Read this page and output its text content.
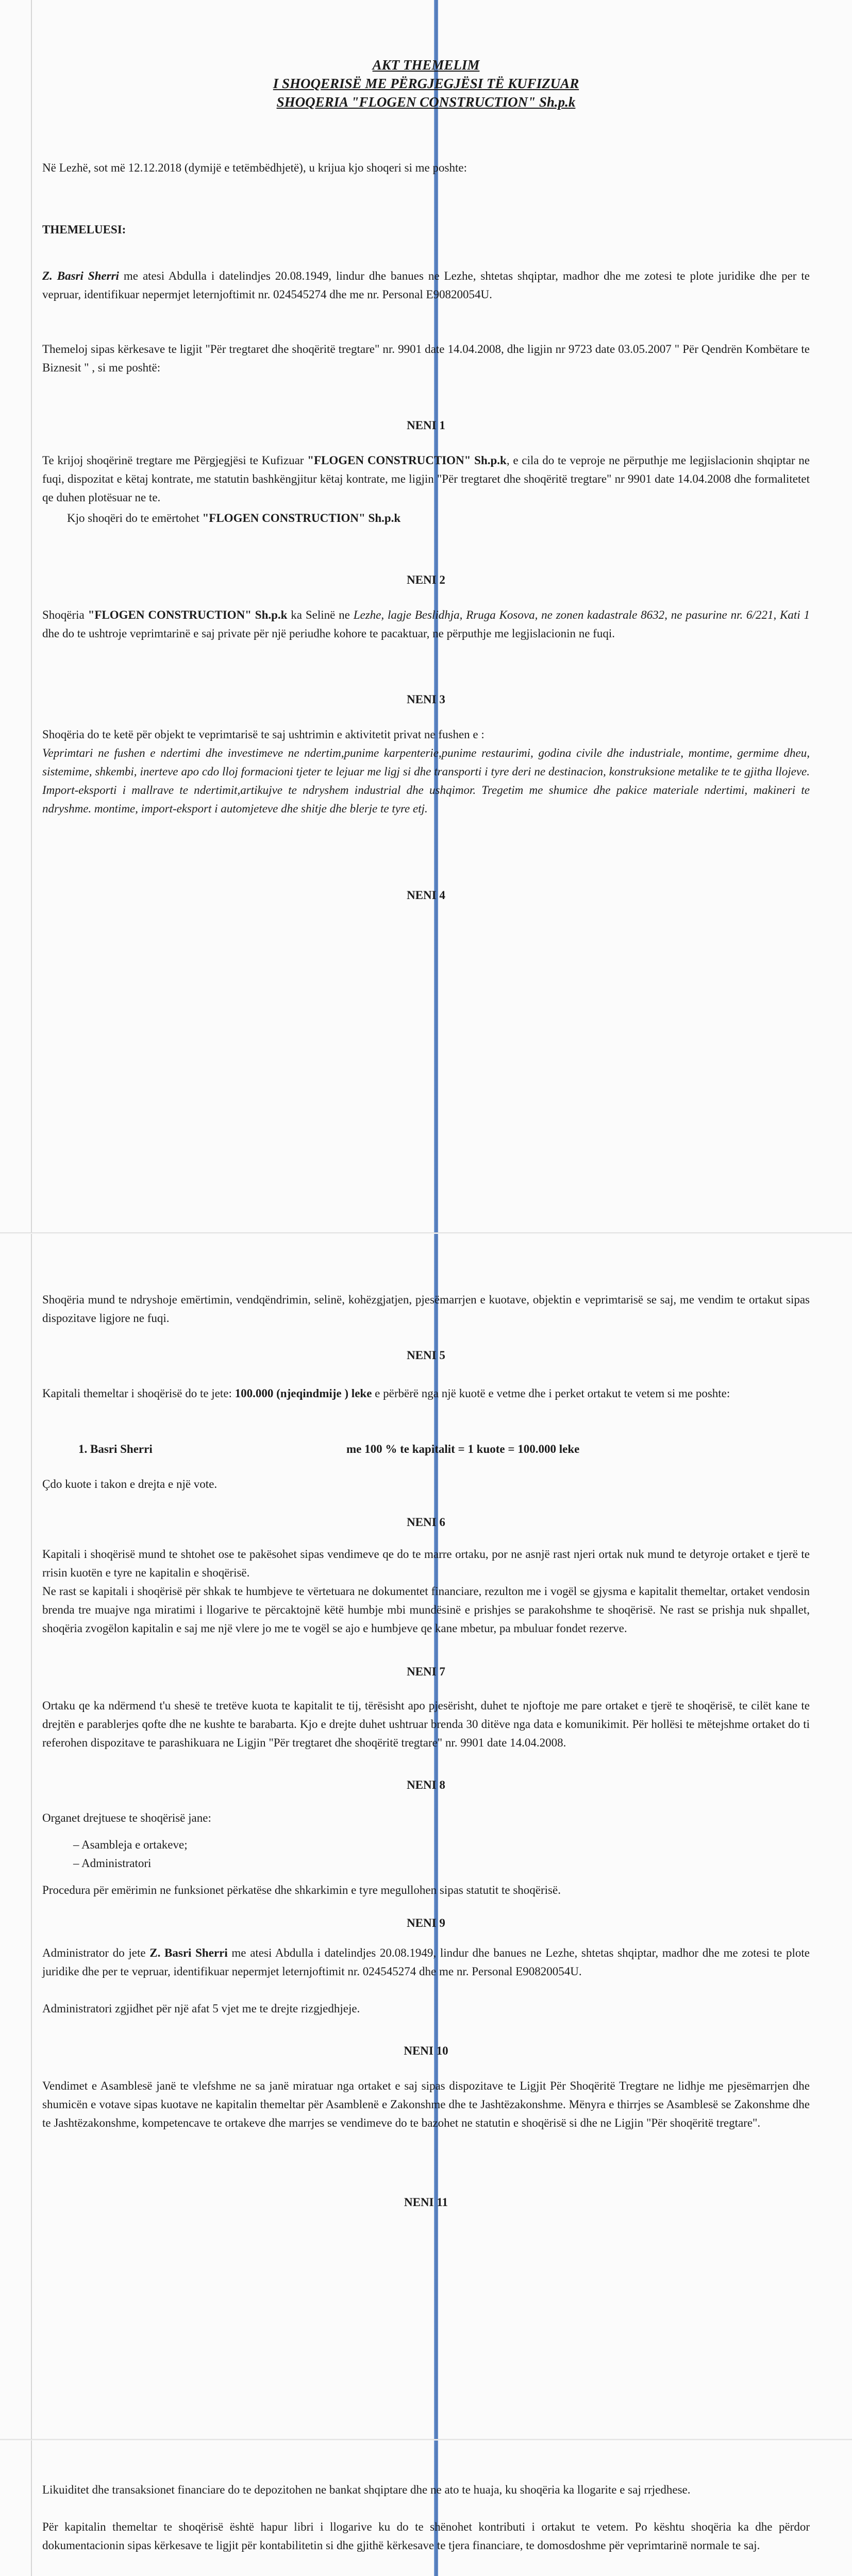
AKT THEMELIM
I SHOQERISË ME PËRGJEGJËSI TË KUFIZUAR
SHOQERIA "FLOGEN CONSTRUCTION" Sh.p.k

Në Lezhë, sot më 12.12.2018 (dymijë e tetëmbëdhjetë), u krijua kjo shoqeri si me poshte:

THEMELUESI:

Z. Basri Sherri me atesi Abdulla i datelindjes 20.08.1949, lindur dhe banues ne Lezhe, shtetas shqiptar, madhor dhe me zotesi te plote juridike dhe per te vepruar, identifikuar nepermjet leternjoftimit nr. 024545274 dhe me nr. Personal E90820054U.

Themeloj sipas kërkesave te ligjit "Për tregtaret dhe shoqëritë tregtare" nr. 9901 date 14.04.2008, dhe ligjin nr 9723 date 03.05.2007 " Për Qendrën Kombëtare te Biznesit " , si me poshtë:

NENI 1

Te krijoj shoqërinë tregtare me Përgjegjësi te Kufizuar "FLOGEN CONSTRUCTION" Sh.p.k, e cila do te veproje ne përputhje me legjislacionin shqiptar ne fuqi, dispozitat e këtaj kontrate, me statutin bashkëngjitur këtaj kontrate, me ligjin "Për tregtaret dhe shoqëritë tregtare" nr 9901 date 14.04.2008 dhe formalitetet qe duhen plotësuar ne te.

Kjo shoqëri do te emërtohet "FLOGEN CONSTRUCTION" Sh.p.k

NENI 2

Shoqëria "FLOGEN CONSTRUCTION" Sh.p.k ka Selinë ne Lezhe, lagje Beslidhja, Rruga Kosova, ne zonen kadastrale 8632, ne pasurine nr. 6/221, Kati 1 dhe do te ushtroje veprimtarinë e saj private për një periudhe kohore te pacaktuar, ne përputhje me legjislacionin ne fuqi.

NENI 3

Shoqëria do te ketë për objekt te veprimtarisë te saj ushtrimin e aktivitetit privat ne fushen e :

Veprimtari ne fushen e ndertimi dhe investimeve ne ndertim,punime karpenterie,punime restaurimi, godina civile dhe industriale, montime, germime dheu, sistemime, shkembi, inerteve apo cdo lloj formacioni tjeter te lejuar me ligj si dhe transporti i tyre deri ne destinacion, konstruksione metalike te te gjitha llojeve. Import-eksporti i mallrave te ndertimit,artikujve te ndryshem industrial dhe ushqimor. Tregetim me shumice dhe pakice materiale ndertimi, makineri te ndryshme. montime, import-eksport i automjeteve dhe shitje dhe blerje te tyre etj.

NENI 4

Shoqëria mund te ndryshoje emërtimin, vendqëndrimin, selinë, kohëzgjatjen, pjesëmarrjen e kuotave, objektin e veprimtarisë se saj, me vendim te ortakut sipas dispozitave ligjore ne fuqi.

NENI 5

Kapitali themeltar i shoqërisë do te jete: 100.000 (njeqindmije ) leke e përbërë nga një kuotë e vetme dhe i perket ortakut te vetem si me poshte:

1. Basri Sherri	me 100 % te kapitalit = 1 kuote = 100.000 leke

Çdo kuote i takon e drejta e një vote.

NENI 6

Kapitali i shoqërisë mund te shtohet ose te pakësohet sipas vendimeve qe do te marre ortaku, por ne asnjë rast njeri ortak nuk mund te detyroje ortaket e tjerë te rrisin kuotën e tyre ne kapitalin e shoqërisë.

Ne rast se kapitali i shoqërisë për shkak te humbjeve te vërtetuara ne dokumentet financiare, rezulton me i vogël se gjysma e kapitalit themeltar, ortaket vendosin brenda tre muajve nga miratimi i llogarive te përcaktojnë këtë humbje mbi mundësinë e prishjes se parakohshme te shoqërisë. Ne rast se prishja nuk shpallet, shoqëria zvogëlon kapitalin e saj me një vlere jo me te vogël se ajo e humbjeve qe kane mbetur, pa mbuluar fondet rezerve.

NENI 7

Ortaku qe ka ndërmend t'u shesë te tretëve kuota te kapitalit te tij, tërësisht apo pjesërisht, duhet te njoftoje me pare ortaket e tjerë te shoqërisë, te cilët kane te drejtën e parablerjes qofte dhe ne kushte te barabarta. Kjo e drejte duhet ushtruar brenda 30 ditëve nga data e komunikimit. Për hollësi te mëtejshme ortaket do ti referohen dispozitave te parashikuara ne Ligjin "Për tregtaret dhe shoqëritë tregtare" nr. 9901 date 14.04.2008.

NENI 8

Organet drejtuese te shoqërisë jane:

– Asambleja e ortakeve;
– Administratori

Procedura për emërimin ne funksionet përkatëse dhe shkarkimin e tyre megullohen sipas statutit te shoqërisë.

NENI 9

Administrator do jete Z. Basri Sherri me atesi Abdulla i datelindjes 20.08.1949, lindur dhe banues ne Lezhe, shtetas shqiptar, madhor dhe me zotesi te plote juridike dhe per te vepruar, identifikuar nepermjet leternjoftimit nr. 024545274 dhe me nr. Personal E90820054U.

Administratori zgjidhet për një afat 5 vjet me te drejte rizgjedhjeje.

NENI 10

Vendimet e Asamblesë janë te vlefshme ne sa janë miratuar nga ortaket e saj sipas dispozitave te Ligjit Për Shoqëritë Tregtare ne lidhje me pjesëmarrjen dhe shumicën e votave sipas kuotave ne kapitalin themeltar për Asamblenë e Zakonshme dhe te Jashtëzakonshme. Mënyra e thirrjes se Asamblesë se Zakonshme dhe te Jashtëzakonshme, kompetencave te ortakeve dhe marrjes se vendimeve do te bazohet ne statutin e shoqërisë si dhe ne Ligjin "Për shoqëritë tregtare".

NENI 11

Likuiditet dhe transaksionet financiare do te depozitohen ne bankat shqiptare dhe ne ato te huaja, ku shoqëria ka llogarite e saj rrjedhese.

Për kapitalin themeltar te shoqërisë është hapur libri i llogarive ku do te shënohet kontributi i ortakut te vetem. Po kështu shoqëria ka dhe përdor dokumentacionin sipas kërkesave te ligjit për kontabilitetin si dhe gjithë kërkesave te tjera financiare, te domosdoshme për veprimtarinë normale te saj.
